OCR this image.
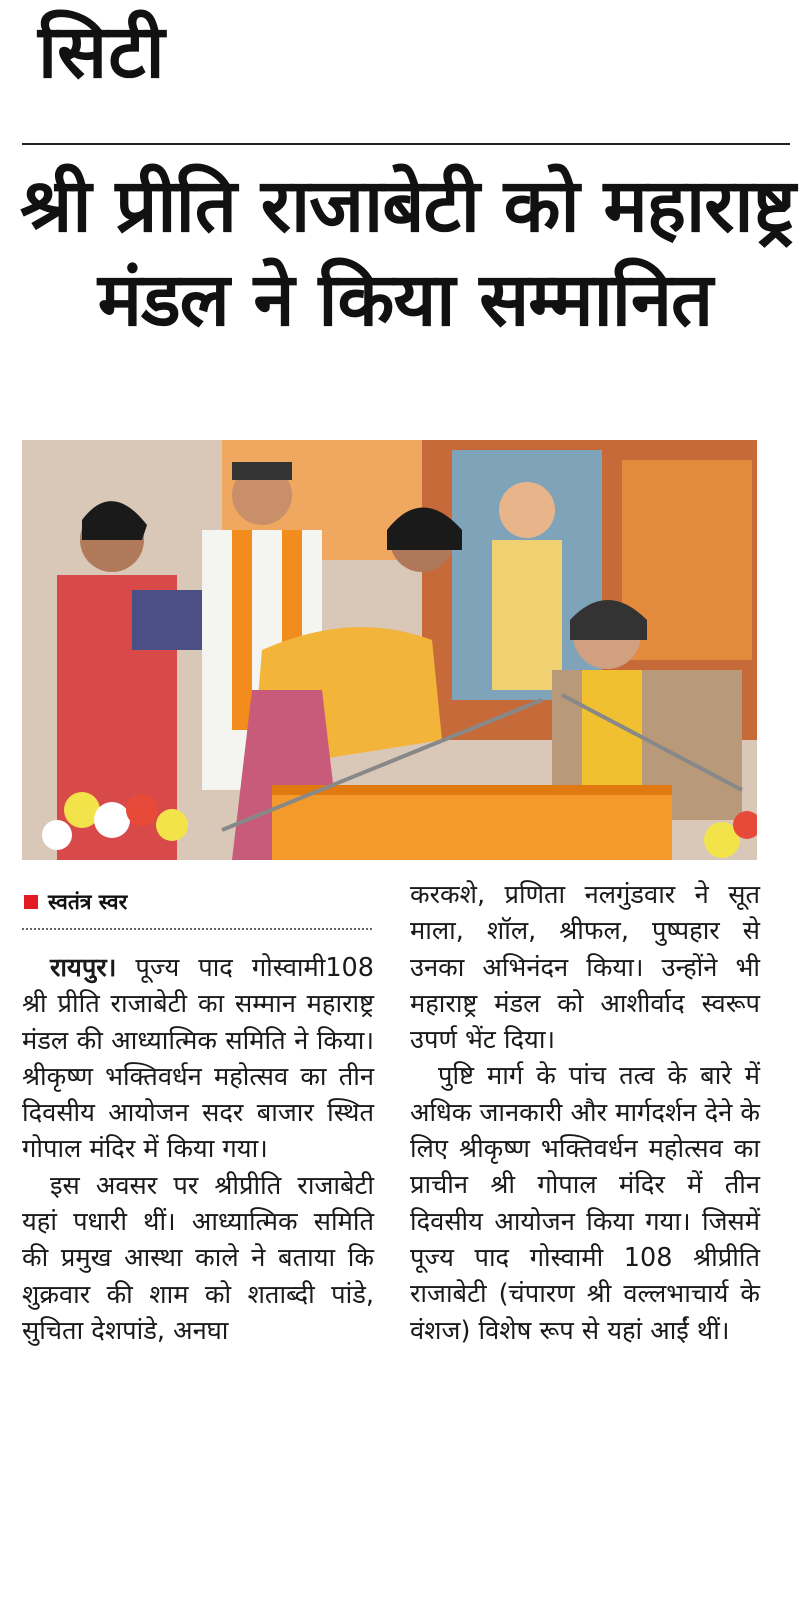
सिटी
श्री प्रीति राजाबेटी को महाराष्ट्र
मंडल ने किया सम्मानित
स्वतंत्र स्वर

रायपुर। पूज्य पाद गोस्वामी108 श्री प्रीति राजाबेटी का सम्मान महाराष्ट्र मंडल की आध्यात्मिक समिति ने किया। श्रीकृष्ण भक्तिवर्धन महोत्सव का तीन दिवसीय आयोजन सदर बाजार स्थित गोपाल मंदिर में किया गया।

इस अवसर पर श्रीप्रीति राजाबेटी यहां पधारी थीं। आध्यात्मिक समिति की प्रमुख आस्था काले ने बताया कि शुक्रवार की शाम को शताब्दी पांडे, सुचिता देशपांडे, अनघा

करकशे, प्रणिता नलगुंडवार ने सूत माला, शॉल, श्रीफल, पुष्पहार से उनका अभिनंदन किया। उन्होंने भी महाराष्ट्र मंडल को आशीर्वाद स्वरूप उपर्ण भेंट दिया।

पुष्टि मार्ग के पांच तत्व के बारे में अधिक जानकारी और मार्गदर्शन देने के लिए श्रीकृष्ण भक्तिवर्धन महोत्सव का प्राचीन श्री गोपाल मंदिर में तीन दिवसीय आयोजन किया गया। जिसमें पूज्य पाद गोस्वामी 108 श्रीप्रीति राजाबेटी (चंपारण श्री वल्लभाचार्य के वंशज) विशेष रूप से यहां आईं थीं।
